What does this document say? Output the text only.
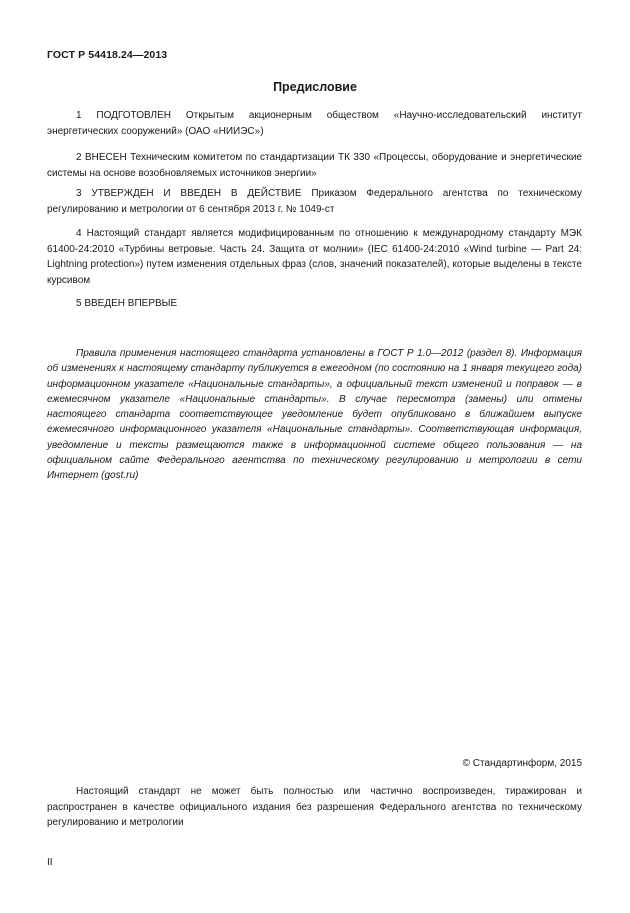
ГОСТ Р 54418.24—2013
Предисловие

1 ПОДГОТОВЛЕН Открытым акционерным обществом «Научно-исследовательский институт энергетических сооружений» (ОАО «НИИЭС»)

2 ВНЕСЕН Техническим комитетом по стандартизации ТК 330 «Процессы, оборудование и энергетические системы на основе возобновляемых источников энергии»

3 УТВЕРЖДЕН И ВВЕДЕН В ДЕЙСТВИЕ Приказом Федерального агентства по техническому регулированию и метрологии от 6 сентября 2013 г. № 1049-ст

4 Настоящий стандарт является модифицированным по отношению к международному стандарту МЭК 61400-24:2010 «Турбины ветровые. Часть 24. Защита от молнии» (IEC 61400-24:2010 «Wind turbine — Part 24: Lightning protection») путем изменения отдельных фраз (слов, значений показателей), которые выделены в тексте курсивом

5 ВВЕДЕН ВПЕРВЫЕ

Правила применения настоящего стандарта установлены в ГОСТ Р 1.0—2012 (раздел 8). Информация об изменениях к настоящему стандарту публикуется в ежегодном (по состоянию на 1 января текущего года) информационном указателе «Национальные стандарты», а официальный текст изменений и поправок — в ежемесячном указателе «Национальные стандарты». В случае пересмотра (замены) или отмены настоящего стандарта соответствующее уведомление будет опубликовано в ближайшем выпуске ежемесячного информационного указателя «Национальные стандарты». Соответствующая информация, уведомление и тексты размещаются также в информационной системе общего пользования — на официальном сайте Федерального агентства по техническому регулированию и метрологии в сети Интернет (gost.ru)

© Стандартинформ, 2015

Настоящий стандарт не может быть полностью или частично воспроизведен, тиражирован и распространен в качестве официального издания без разрешения Федерального агентства по техническому регулированию и метрологии

II
